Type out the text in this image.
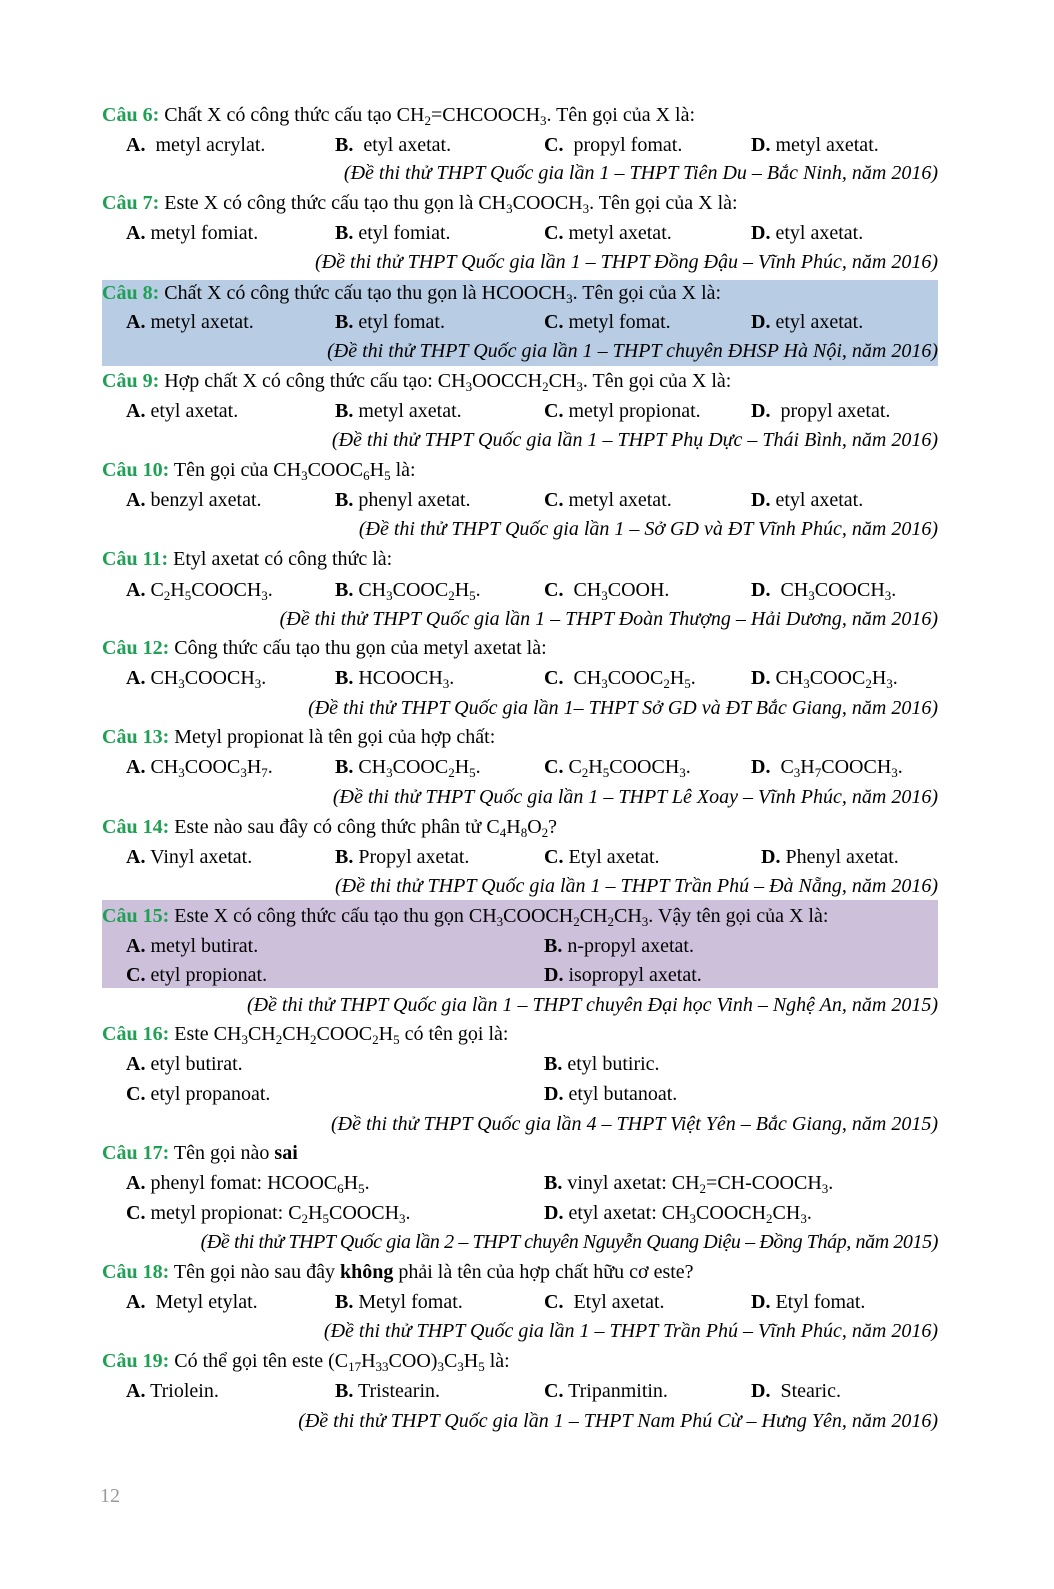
Câu 6: Chất X có công thức cấu tạo $CH_2=CHCOOCH_3$. Tên gọi của X là:
A. metyl acrylat.	B. etyl axetat.	C. propyl fomat.	D. metyl axetat.
(Đề thi thử THPT Quốc gia lần 1 – THPT Tiên Du – Bắc Ninh, năm 2016)
Câu 7: Este X có công thức cấu tạo thu gọn là $CH_3COOCH_3$. Tên gọi của X là:
A. metyl fomiat.	B. etyl fomiat.	C. metyl axetat.	D. etyl axetat.
(Đề thi thử THPT Quốc gia lần 1 – THPT Đồng Đậu – Vĩnh Phúc, năm 2016)
Câu 8: Chất X có công thức cấu tạo thu gọn là $HCOOCH_3$. Tên gọi của X là:
A. metyl axetat.	B. etyl fomat.	C. metyl fomat.	D. etyl axetat.
(Đề thi thử THPT Quốc gia lần 1 – THPT chuyên ĐHSP Hà Nội, năm 2016)
Câu 9: Hợp chất X có công thức cấu tạo: $CH_3OOCCH_2CH_3$. Tên gọi của X là:
A. etyl axetat.	B. metyl axetat.	C. metyl propionat.	D. propyl axetat.
(Đề thi thử THPT Quốc gia lần 1 – THPT Phụ Dực – Thái Bình, năm 2016)
Câu 10: Tên gọi của $CH_3COOC_6H_5$ là:
A. benzyl axetat.	B. phenyl axetat.	C. metyl axetat.	D. etyl axetat.
(Đề thi thử THPT Quốc gia lần 1 – Sở GD và ĐT Vĩnh Phúc, năm 2016)
Câu 11: Etyl axetat có công thức là:
A. $C_2H_5COOCH_3$.	B. $CH_3COOC_2H_5$.	C. $CH_3COOH$.	D. $CH_3COOCH_3$.
(Đề thi thử THPT Quốc gia lần 1 – THPT Đoàn Thượng – Hải Dương, năm 2016)
Câu 12: Công thức cấu tạo thu gọn của metyl axetat là:
A. $CH_3COOCH_3$.	B. $HCOOCH_3$.	C. $CH_3COOC_2H_5$.	D. $CH_3COOC_2H_3$.
(Đề thi thử THPT Quốc gia lần 1– THPT Sở GD và ĐT Bắc Giang, năm 2016)
Câu 13: Metyl propionat là tên gọi của hợp chất:
A. $CH_3COOC_3H_7$.	B. $CH_3COOC_2H_5$.	C. $C_2H_5COOCH_3$.	D. $C_3H_7COOCH_3$.
(Đề thi thử THPT Quốc gia lần 1 – THPT Lê Xoay – Vĩnh Phúc, năm 2016)
Câu 14: Este nào sau đây có công thức phân tử $C_4H_8O_2$?
A. Vinyl axetat.	B. Propyl axetat.	C. Etyl axetat.	D. Phenyl axetat.
(Đề thi thử THPT Quốc gia lần 1 – THPT Trần Phú – Đà Nẵng, năm 2016)
Câu 15: Este X có công thức cấu tạo thu gọn $CH_3COOCH_2CH_2CH_3$. Vậy tên gọi của X là:
A. metyl butirat.	B. n-propyl axetat.
C. etyl propionat.	D. isopropyl axetat.
(Đề thi thử THPT Quốc gia lần 1 – THPT chuyên Đại học Vinh – Nghệ An, năm 2015)
Câu 16: Este $CH_3CH_2CH_2COOC_2H_5$ có tên gọi là:
A. etyl butirat.	B. etyl butiric.
C. etyl propanoat.	D. etyl butanoat.
(Đề thi thử THPT Quốc gia lần 4 – THPT Việt Yên – Bắc Giang, năm 2015)
Câu 17: Tên gọi nào sai
A. phenyl fomat: $HCOOC_6H_5$.	B. vinyl axetat: $CH_2=CH-COOCH_3$.
C. metyl propionat: $C_2H_5COOCH_3$.	D. etyl axetat: $CH_3COOCH_2CH_3$.
(Đề thi thử THPT Quốc gia lần 2 – THPT chuyên Nguyễn Quang Diệu – Đồng Tháp, năm 2015)
Câu 18: Tên gọi nào sau đây không phải là tên của hợp chất hữu cơ este?
A. Metyl etylat.	B. Metyl fomat.	C. Etyl axetat.	D. Etyl fomat.
(Đề thi thử THPT Quốc gia lần 1 – THPT Trần Phú – Vĩnh Phúc, năm 2016)
Câu 19: Có thể gọi tên este $(C_{17}H_{33}COO)_3C_3H_5$ là:
A. Triolein.	B. Tristearin.	C. Tripanmitin.	D. Stearic.
(Đề thi thử THPT Quốc gia lần 1 – THPT Nam Phú Cừ – Hưng Yên, năm 2016)
12
